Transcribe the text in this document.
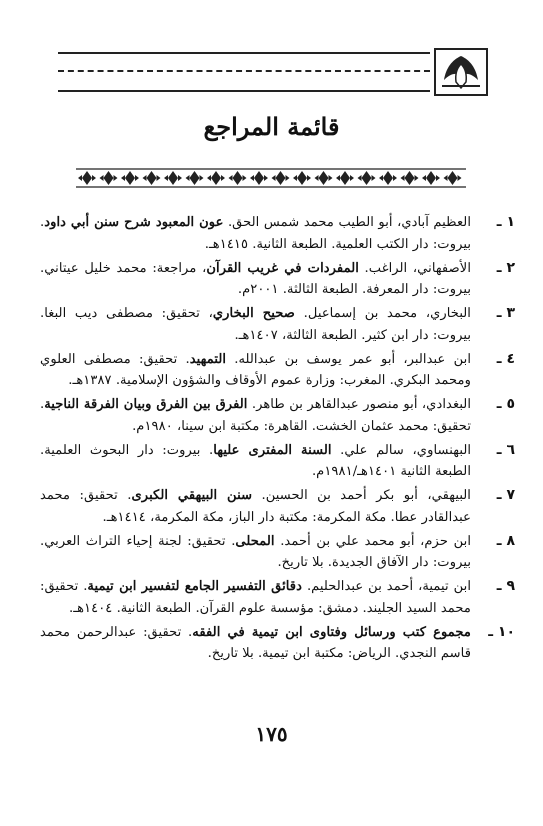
قائمة المراجع
١ ـ
العظيم آبادي، أبو الطيب محمد شمس الحق. عون المعبود شرح سنن أبي داود. بيروت: دار الكتب العلمية. الطبعة الثانية. ١٤١٥هـ.
٢ ـ
الأصفهاني، الراغب. المفردات في غريب القرآن، مراجعة: محمد خليل عيتاني. بيروت: دار المعرفة. الطبعة الثالثة. ٢٠٠١م.
٣ ـ
البخاري، محمد بن إسماعيل. صحيح البخاري، تحقيق: مصطفى ديب البغا. بيروت: دار ابن كثير. الطبعة الثالثة، ١٤٠٧هـ.
٤ ـ
ابن عبدالبر، أبو عمر يوسف بن عبدالله. التمهيد. تحقيق: مصطفى العلوي ومحمد البكري. المغرب: وزارة عموم الأوقاف والشؤون الإسلامية. ١٣٨٧هـ.
٥ ـ
البغدادي، أبو منصور عبدالقاهر بن طاهر. الفرق بين الفرق وبيان الفرقة الناجية. تحقيق: محمد عثمان الخشت. القاهرة: مكتبة ابن سينا، ١٩٨٠م.
٦ ـ
البهنساوي، سالم علي. السنة المفترى عليها. بيروت: دار البحوث العلمية. الطبعة الثانية ١٤٠١هـ/١٩٨١م.
٧ ـ
البيهقي، أبو بكر أحمد بن الحسين. سنن البيهقي الكبرى. تحقيق: محمد عبدالقادر عطا. مكة المكرمة: مكتبة دار الباز، مكة المكرمة، ١٤١٤هـ.
٨ ـ
ابن حزم، أبو محمد علي بن أحمد. المحلى. تحقيق: لجنة إحياء التراث العربي. بيروت: دار الآفاق الجديدة. بلا تاريخ.
٩ ـ
ابن تيمية، أحمد بن عبدالحليم. دقائق التفسير الجامع لتفسير ابن تيمية. تحقيق: محمد السيد الجليند. دمشق: مؤسسة علوم القرآن. الطبعة الثانية. ١٤٠٤هـ.
١٠ ـ
مجموع كتب ورسائل وفتاوى ابن تيمية في الفقه. تحقيق: عبدالرحمن محمد قاسم النجدي. الرياض: مكتبة ابن تيمية. بلا تاريخ.
١٧٥
